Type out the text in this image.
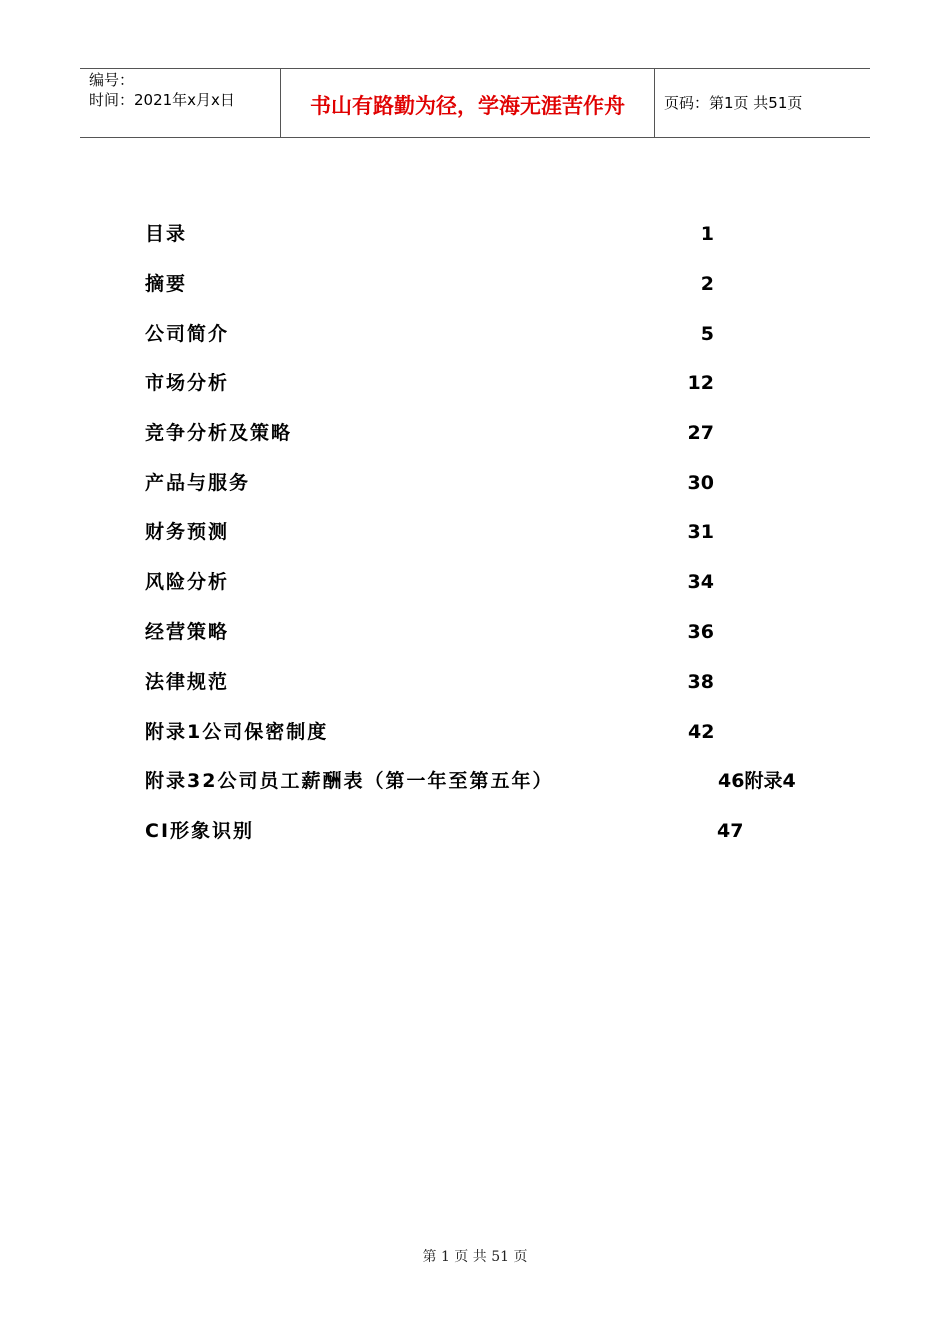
编号：
时间：2021年x月x日	书山有路勤为径，学海无涯苦作舟	页码：第1页 共51页
目录	1
摘要	2
公司简介	5
市场分析	12
竞争分析及策略	27
产品与服务	30
财务预测	31
风险分析	34
经营策略	36
法律规范	38
附录1公司保密制度	42
附录32公司员工薪酬表（第一年至第五年）	46附录4
CI形象识别	47
第 1 页 共 51 页
